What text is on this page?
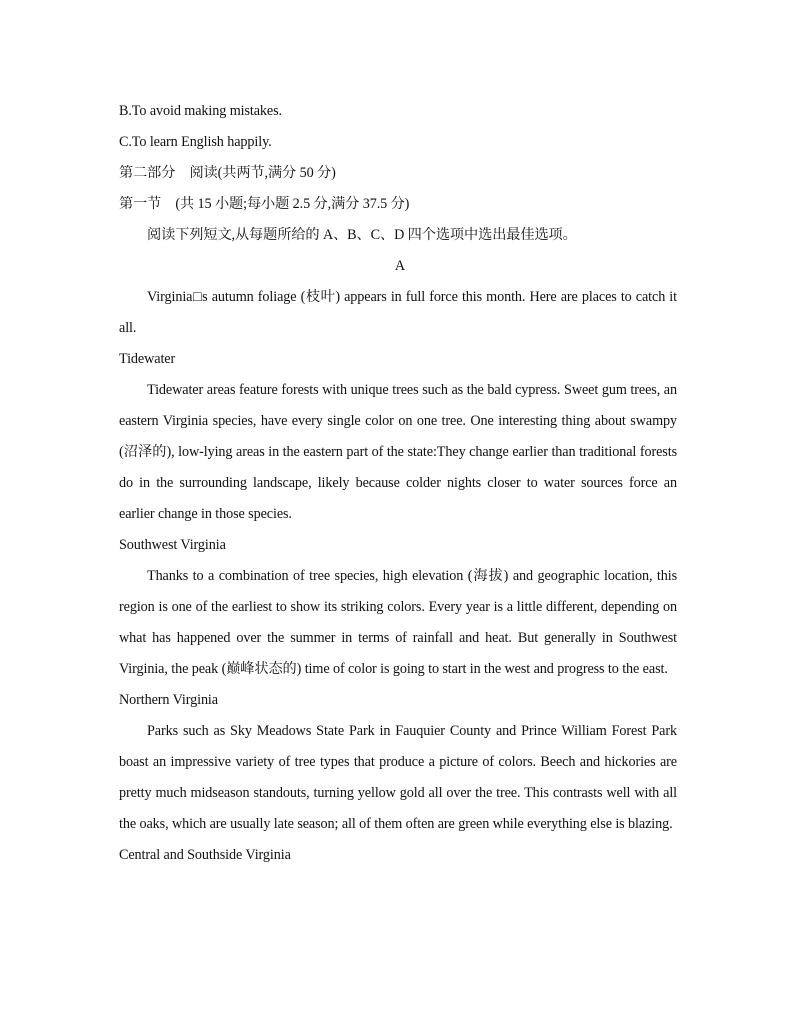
B.To avoid making mistakes.
C.To learn English happily.
第二部分　阅读(共两节,满分 50 分)
第一节　(共 15 小题;每小题 2.5 分,满分 37.5 分)
阅读下列短文,从每题所给的 A、B、C、D 四个选项中选出最佳选项。
A
Virginia□s autumn foliage (枝叶) appears in full force this month. Here are places to catch it all.
Tidewater
Tidewater areas feature forests with unique trees such as the bald cypress. Sweet gum trees, an eastern Virginia species, have every single color on one tree. One interesting thing about swampy (沼泽的), low-lying areas in the eastern part of the state:They change earlier than traditional forests do in the surrounding landscape, likely because colder nights closer to water sources force an earlier change in those species.
Southwest Virginia
Thanks to a combination of tree species, high elevation (海拔) and geographic location, this region is one of the earliest to show its striking colors. Every year is a little different, depending on what has happened over the summer in terms of rainfall and heat. But generally in Southwest Virginia, the peak (巅峰状态的) time of color is going to start in the west and progress to the east.
Northern Virginia
Parks such as Sky Meadows State Park in Fauquier County and Prince William Forest Park boast an impressive variety of tree types that produce a picture of colors. Beech and hickories are pretty much midseason standouts, turning yellow gold all over the tree. This contrasts well with all the oaks, which are usually late season; all of them often are green while everything else is blazing.
Central and Southside Virginia
